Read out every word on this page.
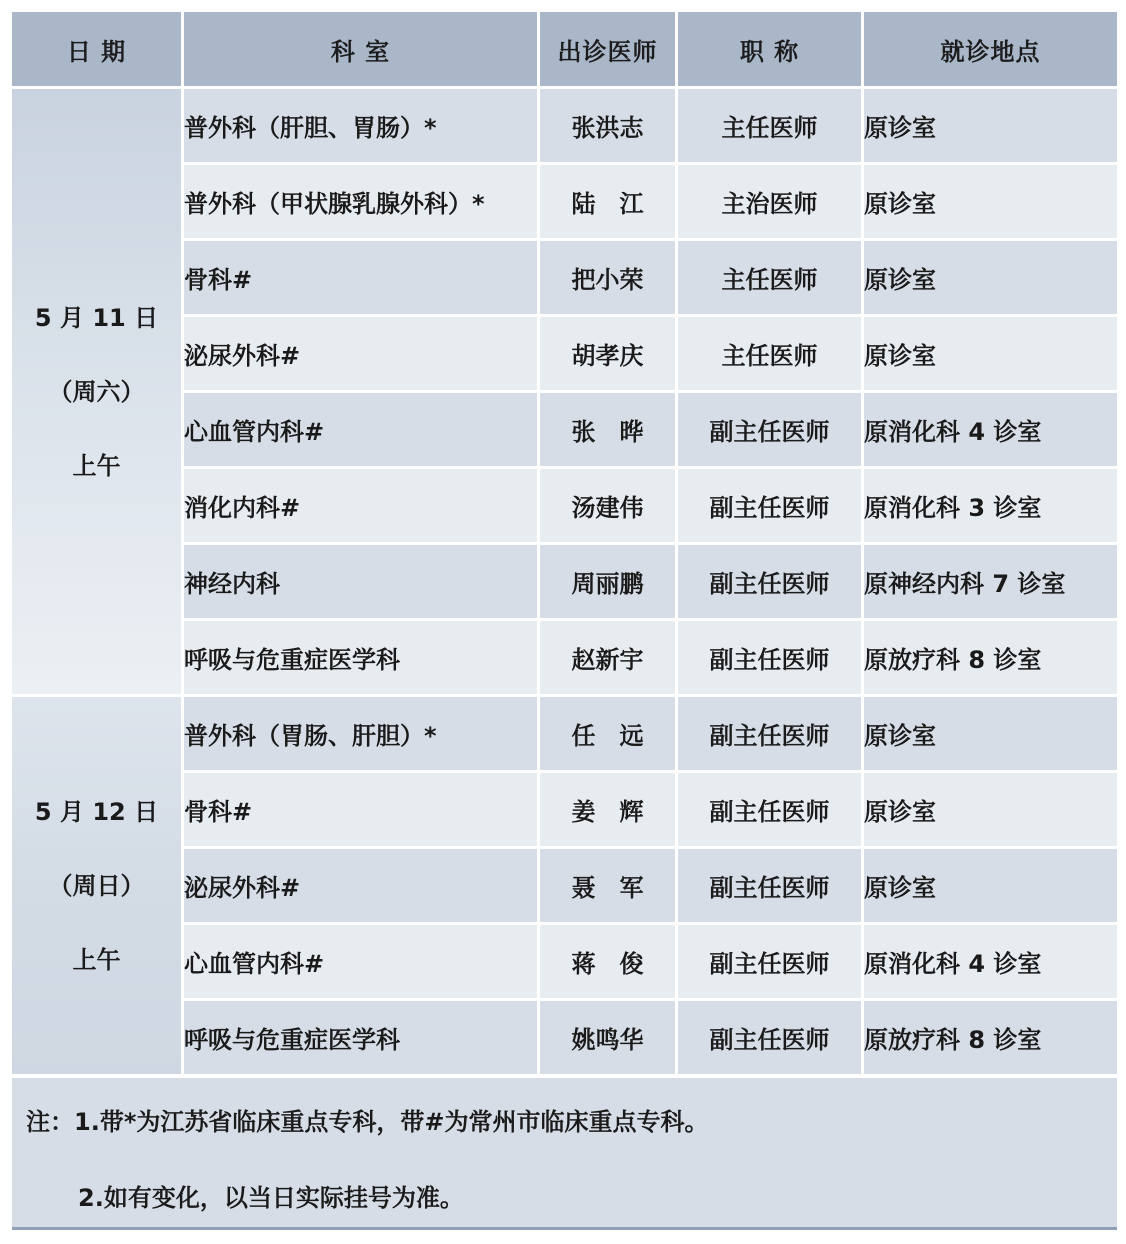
日 期	科 室	出诊医师	职 称	就诊地点

5 月 11 日
（周六）
上午	普外科（肝胆、胃肠）*	张洪志	主任医师	原诊室
	普外科（甲状腺乳腺外科）*	陆　江	主治医师	原诊室
	骨科#	把小荣	主任医师	原诊室
	泌尿外科#	胡孝庆	主任医师	原诊室
	心血管内科#	张　晔	副主任医师	原消化科 4 诊室
	消化内科#	汤建伟	副主任医师	原消化科 3 诊室
	神经内科	周丽鹏	副主任医师	原神经内科 7 诊室
	呼吸与危重症医学科	赵新宇	副主任医师	原放疗科 8 诊室

5 月 12 日
（周日）
上午	普外科（胃肠、肝胆）*	任　远	副主任医师	原诊室
	骨科#	姜　辉	副主任医师	原诊室
	泌尿外科#	聂　军	副主任医师	原诊室
	心血管内科#	蒋　俊	副主任医师	原消化科 4 诊室
	呼吸与危重症医学科	姚鸣华	副主任医师	原放疗科 8 诊室
注：1.带*为江苏省临床重点专科，带#为常州市临床重点专科。
2.如有变化，以当日实际挂号为准。
